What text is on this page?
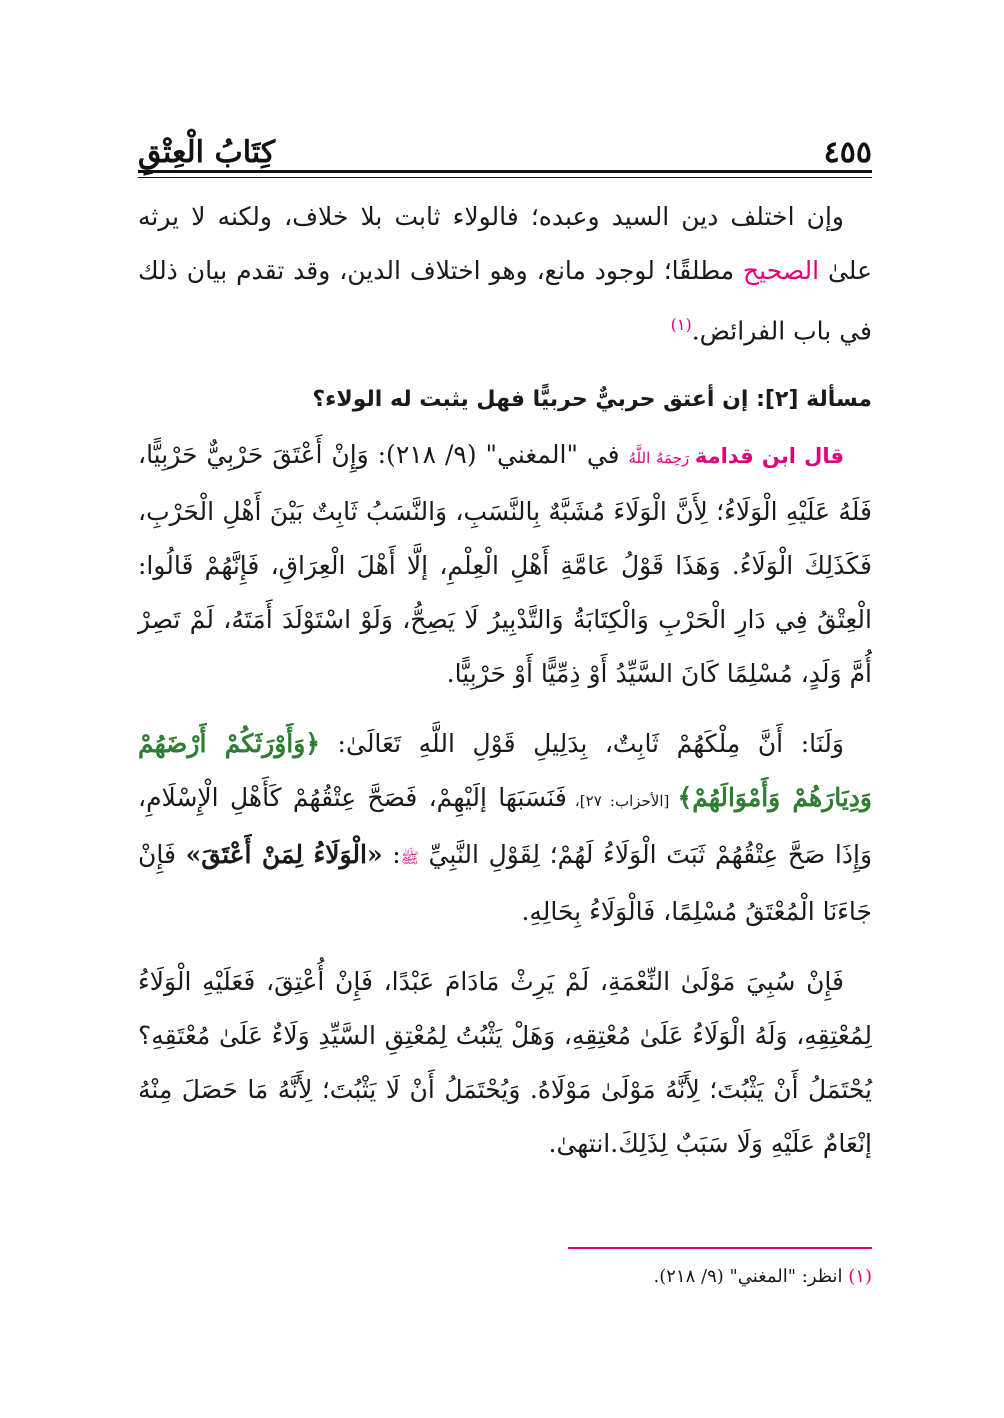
كِتَابُ الْعِتْقِ	٤٥٥

وإن اختلف دين السيد وعبده؛ فالولاء ثابت بلا خلاف، ولكنه لا يرثه علىٰ الصحيح مطلقًا؛ لوجود مانع، وهو اختلاف الدين، وقد تقدم بيان ذلك في باب الفرائض.$^{(١)}$

مسألة [٢]: إن أعتق حربيٌّ حربيًّا فهل يثبت له الولاء؟

قال ابن قدامة رَحِمَهُ اللَّهُ في "المغني" (٩/ ٢١٨): وَإِنْ أَعْتَقَ حَرْبِيٌّ حَرْبِيًّا، فَلَهُ عَلَيْهِ الْوَلَاءُ؛ لِأَنَّ الْوَلَاءَ مُشَبَّهٌ بِالنَّسَبِ، وَالنَّسَبُ ثَابِتٌ بَيْنَ أَهْلِ الْحَرْبِ، فَكَذَلِكَ الْوَلَاءُ. وَهَذَا قَوْلُ عَامَّةِ أَهْلِ الْعِلْمِ، إلَّا أَهْلَ الْعِرَاقِ، فَإِنَّهُمْ قَالُوا: الْعِتْقُ فِي دَارِ الْحَرْبِ وَالْكِتَابَةُ وَالتَّدْبِيرُ لَا يَصِحُّ، وَلَوْ اسْتَوْلَدَ أَمَتَهُ، لَمْ تَصِرْ أُمَّ وَلَدٍ، مُسْلِمًا كَانَ السَّيِّدُ أَوْ ذِمِّيًّا أَوْ حَرْبِيًّا.

وَلَنَا: أَنَّ مِلْكَهُمْ ثَابِتٌ، بِدَلِيلِ قَوْلِ اللَّهِ تَعَالَىٰ: ﴿وَأَوْرَثَكُمْ أَرْضَهُمْ وَدِيَارَهُمْ وَأَمْوَالَهُمْ﴾ [الأحزاب: ٢٧]، فَنَسَبَهَا إلَيْهِمْ، فَصَحَّ عِتْقُهُمْ كَأَهْلِ الْإِسْلَامِ، وَإِذَا صَحَّ عِتْقُهُمْ ثَبَتَ الْوَلَاءُ لَهُمْ؛ لِقَوْلِ النَّبِيِّ ﷺ: «الْوَلَاءُ لِمَنْ أَعْتَقَ» فَإِنْ جَاءَنَا الْمُعْتَقُ مُسْلِمًا، فَالْوَلَاءُ بِحَالِهِ.

فَإِنْ سُبِيَ مَوْلَىٰ النِّعْمَةِ، لَمْ يَرِثْ مَادَامَ عَبْدًا، فَإِنْ أُعْتِقَ، فَعَلَيْهِ الْوَلَاءُ لِمُعْتِقِهِ، وَلَهُ الْوَلَاءُ عَلَىٰ مُعْتِقِهِ، وَهَلْ يَثْبُتُ لِمُعْتِقِ السَّيِّدِ وَلَاءٌ عَلَىٰ مُعْتَقِهِ؟ يُحْتَمَلُ أَنْ يَثْبُتَ؛ لِأَنَّهُ مَوْلَىٰ مَوْلَاهُ. وَيُحْتَمَلُ أَنْ لَا يَثْبُتَ؛ لِأَنَّهُ مَا حَصَلَ مِنْهُ إنْعَامٌ عَلَيْهِ وَلَا سَبَبٌ لِذَلِكَ.انتهىٰ.

(١) انظر: "المغني" (٩/ ٢١٨).
